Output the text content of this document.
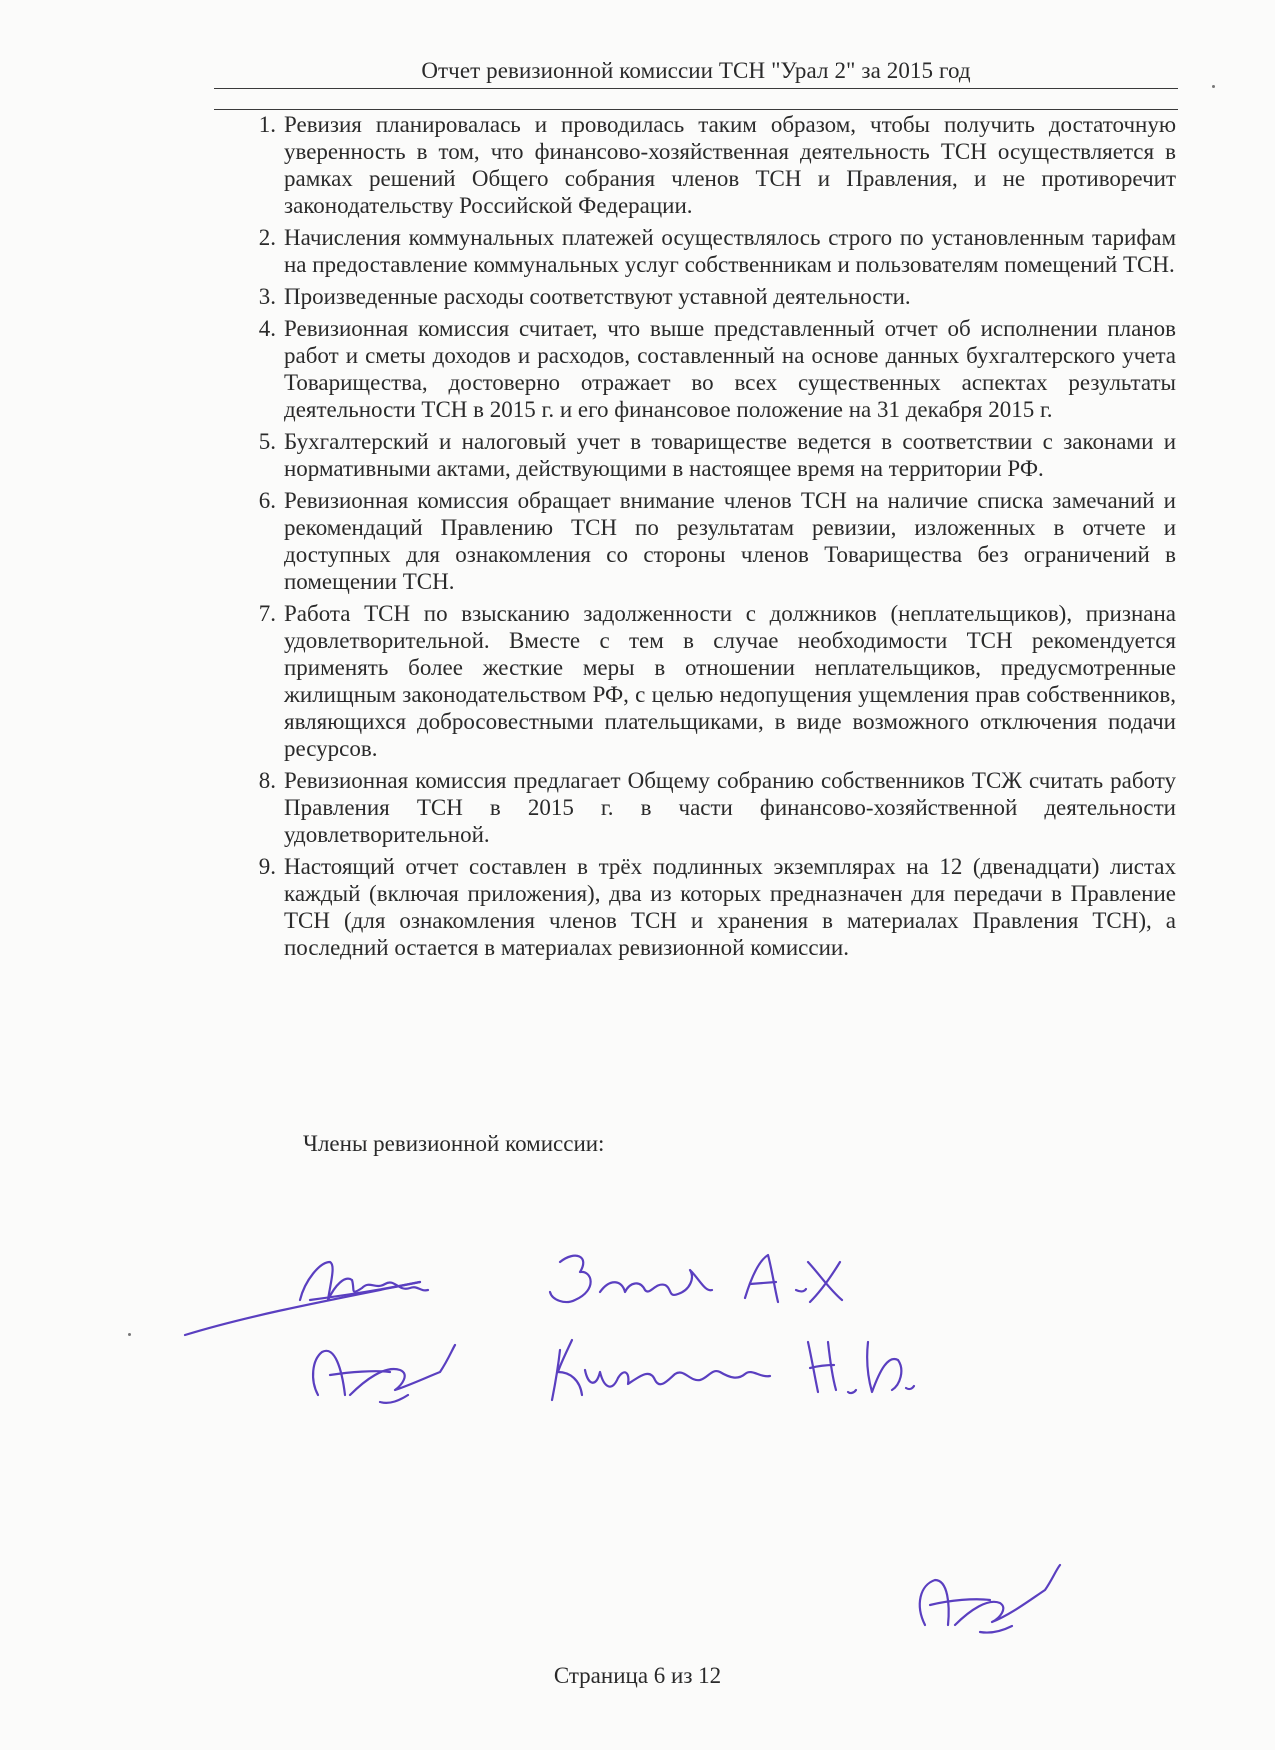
Отчет ревизионной комиссии ТСН "Урал 2" за 2015 год
1. Ревизия планировалась и проводилась таким образом, чтобы получить достаточную уверенность в том, что финансово-хозяйственная деятельность ТСН осуществляется в рамках решений Общего собрания членов ТСН и Правления, и не противоречит законодательству Российской Федерации.
2. Начисления коммунальных платежей осуществлялось строго по установленным тарифам на предоставление коммунальных услуг собственникам и пользователям помещений ТСН.
3. Произведенные расходы соответствуют уставной деятельности.
4. Ревизионная комиссия считает, что выше представленный отчет об исполнении планов работ и сметы доходов и расходов, составленный на основе данных бухгалтерского учета Товарищества, достоверно отражает во всех существенных аспектах результаты деятельности ТСН в 2015 г. и его финансовое положение на 31 декабря 2015 г.
5. Бухгалтерский и налоговый учет в товариществе ведется в соответствии с законами и нормативными актами, действующими в настоящее время на территории РФ.
6. Ревизионная комиссия обращает внимание членов ТСН на наличие списка замечаний и рекомендаций Правлению ТСН по результатам ревизии, изложенных в отчете и доступных для ознакомления со стороны членов Товарищества без ограничений в помещении ТСН.
7. Работа ТСН по взысканию задолженности с должников (неплательщиков), признана удовлетворительной. Вместе с тем в случае необходимости ТСН рекомендуется применять более жесткие меры в отношении неплательщиков, предусмотренные жилищным законодательством РФ, с целью недопущения ущемления прав собственников, являющихся добросовестными плательщиками, в виде возможного отключения подачи ресурсов.
8. Ревизионная комиссия предлагает Общему собранию собственников ТСЖ считать работу Правления ТСН в 2015 г. в части финансово-хозяйственной деятельности удовлетворительной.
9. Настоящий отчет составлен в трёх подлинных экземплярах на 12 (двенадцати) листах каждый (включая приложения), два из которых предназначен для передачи в Правление ТСН (для ознакомления членов ТСН и хранения в материалах Правления ТСН), а последний остается в материалах ревизионной комиссии.
Члены ревизионной комиссии:
Страница 6 из 12
